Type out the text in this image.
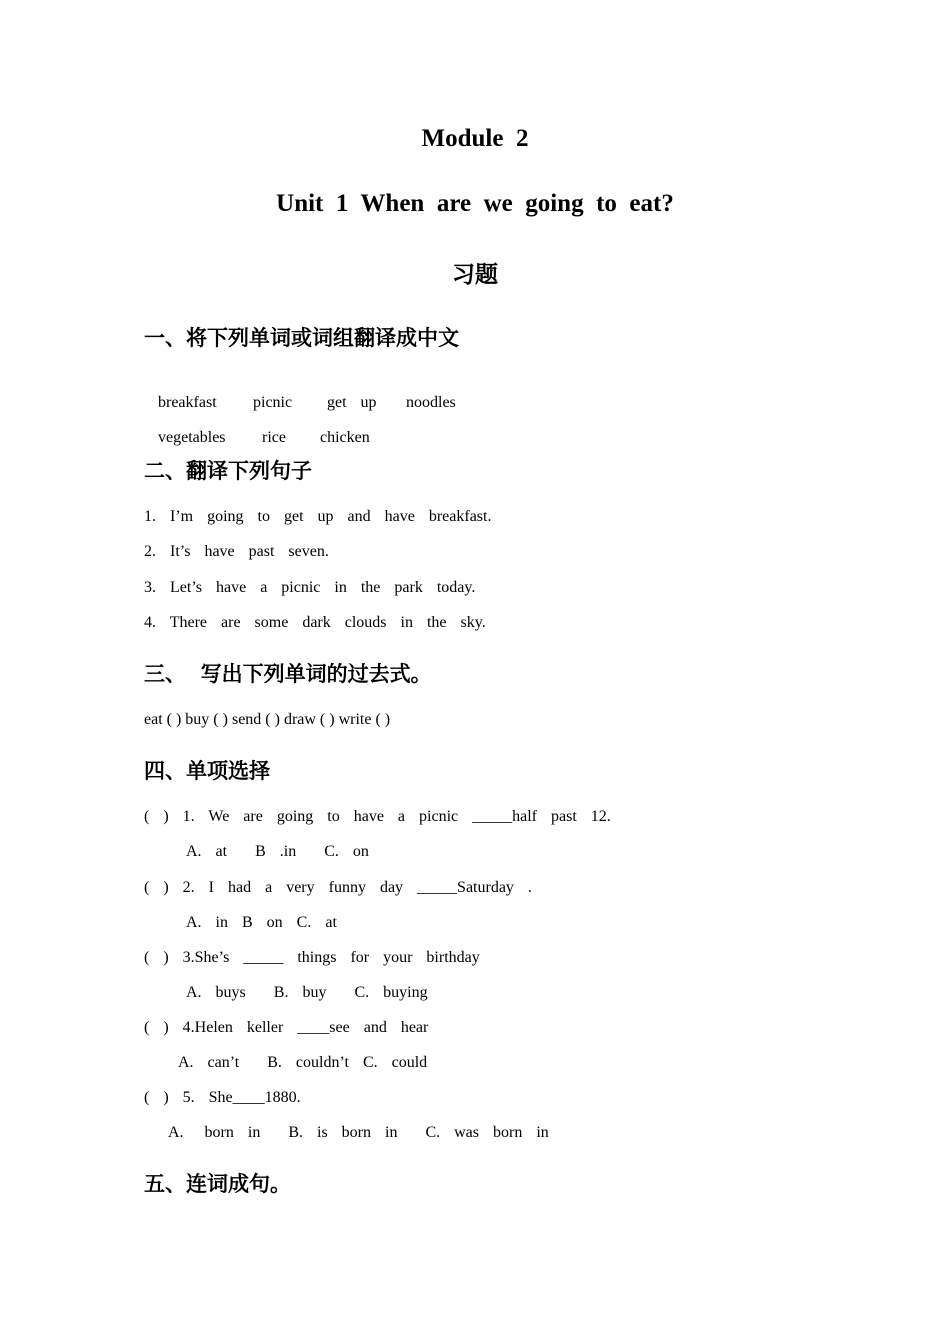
Module  2
Unit  1  When  are  we  going  to  eat?
习题
一、将下列单词或词组翻译成中文

breakfast picnic get  up noodles

vegetables rice chicken

二、翻译下列句子
1.  I’m  going  to  get  up  and  have  breakfast.
2.  It’s  have  past  seven.
3.  Let’s  have  a  picnic  in  the  park  today.
4.  There  are  some  dark  clouds  in  the  sky.
三、  写出下列单词的过去式。
eat ( ) buy ( ) send ( ) draw ( ) write ( )
四、单项选择
(  )  1.  We  are  going  to  have  a  picnic  _____half  past  12.
A.  at    B  .in    C.  on
(  )  2.  I  had  a  very  funny  day  _____Saturday  .
A.  in  B  on  C.  at
(  )  3.She’s  _____  things  for  your  birthday
A.  buys    B.  buy    C.  buying
(  )  4.Helen  keller  ____see  and  hear
A.  can’t    B.  couldn’t  C.  could
(  )  5.  She____1880.
A.   born  in    B.  is  born  in    C.  was  born  in
五、连词成句。
